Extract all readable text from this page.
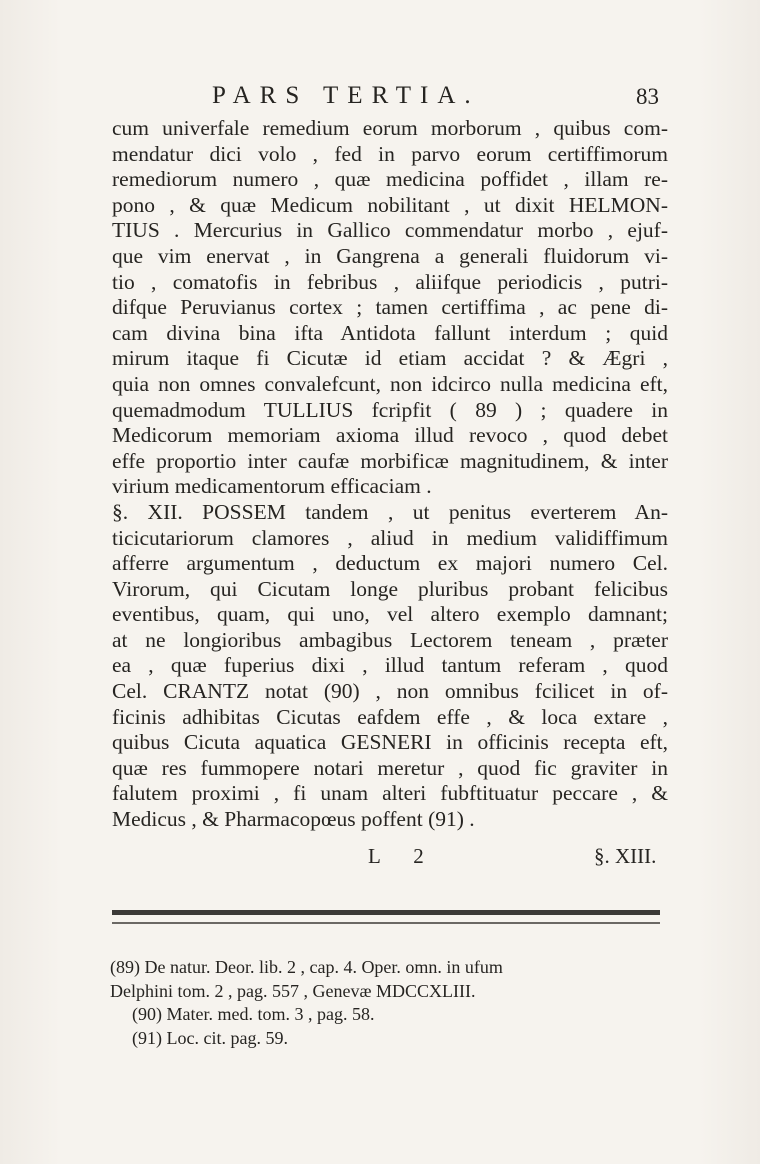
PARS TERTIA.	83
cum univerfale remedium eorum morborum , quibus com-
mendatur dici volo , fed in parvo eorum certiffimorum
remediorum numero , quæ medicina poffidet , illam re-
pono , & quæ Medicum nobilitant , ut dixit HELMON-
TIUS . Mercurius in Gallico commendatur morbo , ejuf-
que vim enervat , in Gangrena a generali fluidorum vi-
tio , comatofis in febribus , aliifque periodicis , putri-
difque Peruvianus cortex ; tamen certiffima , ac pene di-
cam divina bina ifta Antidota fallunt interdum ; quid
mirum itaque fi Cicutæ id etiam accidat ? & Ægri ,
quia non omnes convalefcunt, non idcirco nulla medicina eft,
quemadmodum TULLIUS fcripfit ( 89 ) ; quadere in
Medicorum memoriam axioma illud revoco , quod debet
effe proportio inter caufæ morbificæ magnitudinem, & inter
virium medicamentorum efficaciam .
§. XII. POSSEM tandem , ut penitus everterem An-
ticicutariorum clamores , aliud in medium validiffimum
afferre argumentum , deductum ex majori numero Cel.
Virorum, qui Cicutam longe pluribus probant felicibus
eventibus, quam, qui uno, vel altero exemplo damnant;
at ne longioribus ambagibus Lectorem teneam , præter
ea , quæ fuperius dixi , illud tantum referam , quod
Cel. CRANTZ notat (90) , non omnibus fcilicet in of-
ficinis adhibitas Cicutas eafdem effe , & loca extare ,
quibus Cicuta aquatica GESNERI in officinis recepta eft,
quæ res fummopere notari meretur , quod fic graviter in
falutem proximi , fi unam alteri fubftituatur peccare , &
Medicus , & Pharmacopœus poffent (91) .
L 2	§. XIII.
(89) De natur. Deor. lib. 2 , cap. 4. Oper. omn. in ufum
Delphini tom. 2 , pag. 557 , Genevæ MDCCXLIII.
(90) Mater. med. tom. 3 , pag. 58.
(91) Loc. cit. pag. 59.
